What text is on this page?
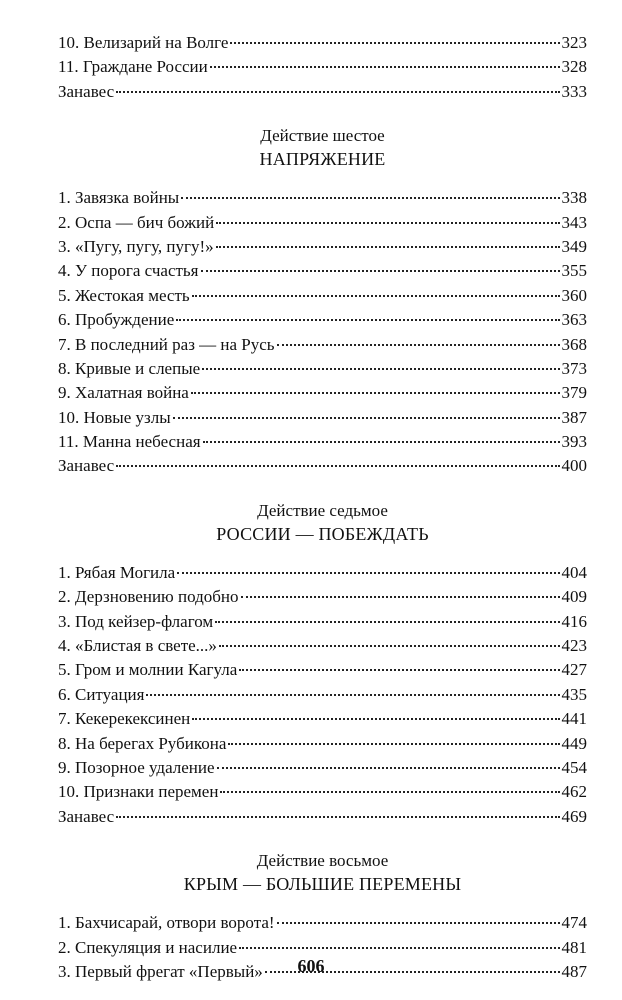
10. Велизарий на Волге	323
11. Граждане России	328
Занавес	333
Действие шестое
НАПРЯЖЕНИЕ
1. Завязка войны	338
2. Оспа — бич божий	343
3. «Пугу, пугу, пугу!»	349
4. У порога счастья	355
5. Жестокая месть	360
6. Пробуждение	363
7. В последний раз — на Русь	368
8. Кривые и слепые	373
9. Халатная война	379
10. Новые узлы	387
11. Манна небесная	393
Занавес	400
Действие седьмое
РОССИИ — ПОБЕЖДАТЬ
1. Рябая Могила	404
2. Дерзновению подобно	409
3. Под кейзер-флагом	416
4. «Блистая в свете...»	423
5. Гром и молнии Кагула	427
6. Ситуация	435
7. Кекерекексинен	441
8. На берегах Рубикона	449
9. Позорное удаление	454
10. Признаки перемен	462
Занавес	469
Действие восьмое
КРЫМ — БОЛЬШИЕ ПЕРЕМЕНЫ
1. Бахчисарай, отвори ворота!	474
2. Спекуляция и насилие	481
3. Первый фрегат «Первый»	487
606
